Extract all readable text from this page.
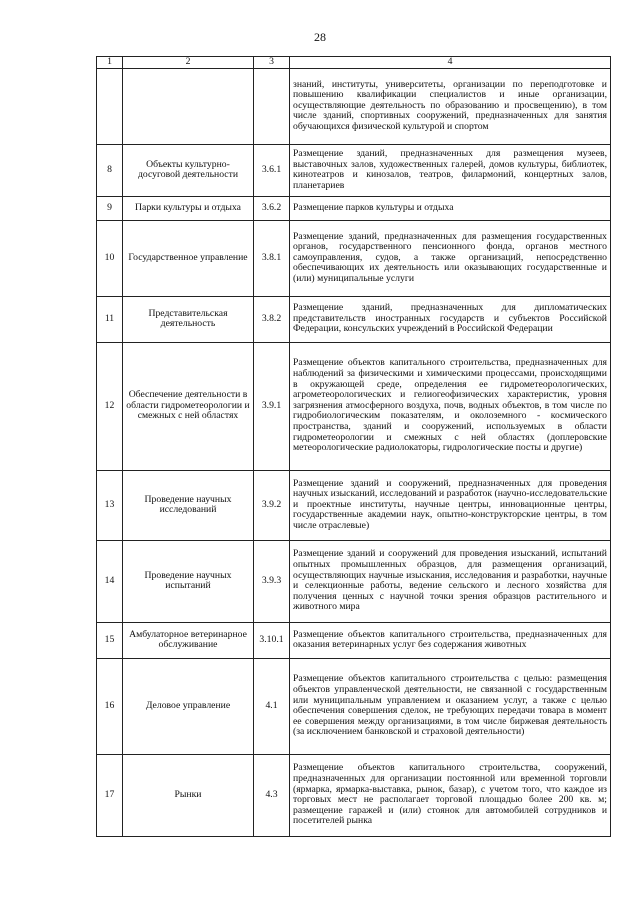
28
1	2	3	4
			знаний, институты, университеты, организации по переподготовке и повышению квалификации специалистов и иные организации, осуществляющие деятельность по образованию и просвещению), в том числе зданий, спортивных сооружений, предназначенных для занятия обучающихся физической культурой и спортом
8	Объекты культурно-досуговой деятельности	3.6.1	Размещение зданий, предназначенных для размещения музеев, выставочных залов, художественных галерей, домов культуры, библиотек, кинотеатров и кинозалов, театров, филармоний, концертных залов, планетариев
9	Парки культуры и отдыха	3.6.2	Размещение парков культуры и отдыха
10	Государственное управление	3.8.1	Размещение зданий, предназначенных для размещения государственных органов, государственного пенсионного фонда, органов местного самоуправления, судов, а также организаций, непосредственно обеспечивающих их деятельность или оказывающих государственные и (или) муниципальные услуги
11	Представительская деятельность	3.8.2	Размещение зданий, предназначенных для дипломатических представительств иностранных государств и субъектов Российской Федерации, консульских учреждений в Российской Федерации
12	Обеспечение деятельности в области гидрометеорологии и смежных с ней областях	3.9.1	Размещение объектов капитального строительства, предназначенных для наблюдений за физическими и химическими процессами, происходящими в окружающей среде, определения ее гидрометеорологических, агрометеорологических и гелиогеофизических характеристик, уровня загрязнения атмосферного воздуха, почв, водных объектов, в том числе по гидробиологическим показателям, и околоземного - космического пространства, зданий и сооружений, используемых в области гидрометеорологии и смежных с ней областях (доплеровские метеорологические радиолокаторы, гидрологические посты и другие)
13	Проведение научных исследований	3.9.2	Размещение зданий и сооружений, предназначенных для проведения научных изысканий, исследований и разработок (научно-исследовательские и проектные институты, научные центры, инновационные центры, государственные академии наук, опытно-конструкторские центры, в том числе отраслевые)
14	Проведение научных испытаний	3.9.3	Размещение зданий и сооружений для проведения изысканий, испытаний опытных промышленных образцов, для размещения организаций, осуществляющих научные изыскания, исследования и разработки, научные и селекционные работы, ведение сельского и лесного хозяйства для получения ценных с научной точки зрения образцов растительного и животного мира
15	Амбулаторное ветеринарное обслуживание	3.10.1	Размещение объектов капитального строительства, предназначенных для оказания ветеринарных услуг без содержания животных
16	Деловое управление	4.1	Размещение объектов капитального строительства с целью: размещения объектов управленческой деятельности, не связанной с государственным или муниципальным управлением и оказанием услуг, а также с целью обеспечения совершения сделок, не требующих передачи товара в момент ее совершения между организациями, в том числе биржевая деятельность (за исключением банковской и страховой деятельности)
17	Рынки	4.3	Размещение объектов капитального строительства, сооружений, предназначенных для организации постоянной или временной торговли (ярмарка, ярмарка-выставка, рынок, базар), с учетом того, что каждое из торговых мест не располагает торговой площадью более 200 кв. м; размещение гаражей и (или) стоянок для автомобилей сотрудников и посетителей рынка
